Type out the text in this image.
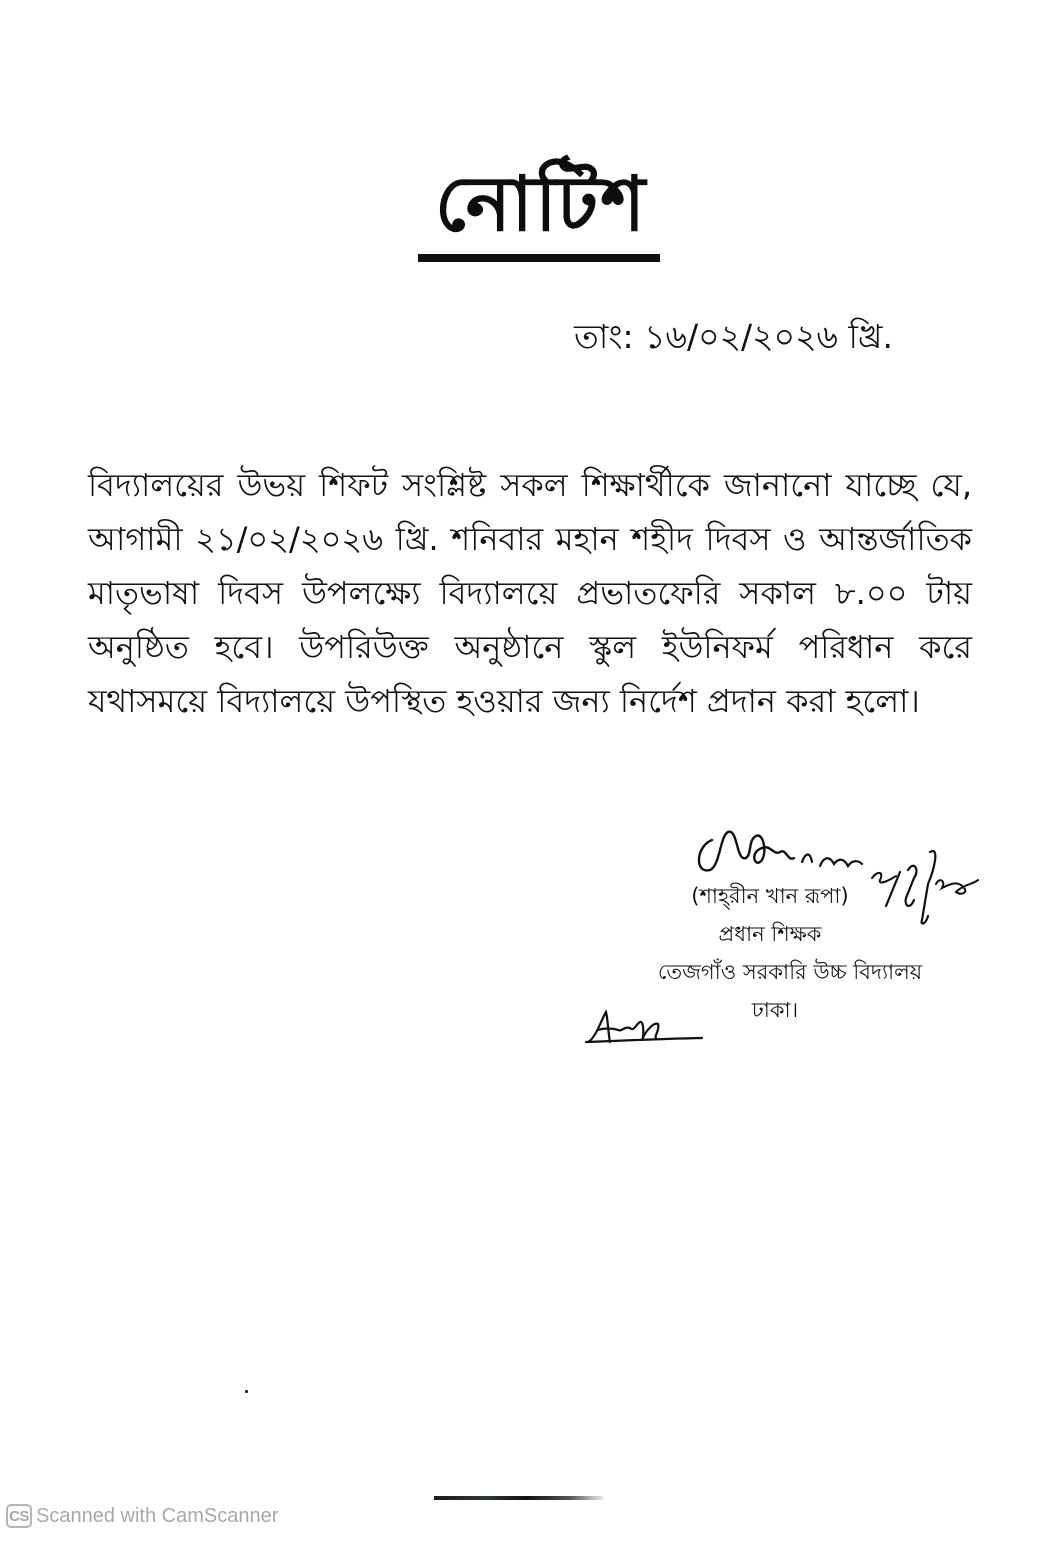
নোটিশ
তাং: ১৬/০২/২০২৬ খ্রি.
বিদ্যালয়ের উভয় শিফট সংশ্লিষ্ট সকল শিক্ষার্থীকে জানানো যাচ্ছে যে,
আগামী ২১/০২/২০২৬ খ্রি. শনিবার মহান শহীদ দিবস ও আন্তর্জাতিক
মাতৃভাষা দিবস উপলক্ষ্যে বিদ্যালয়ে প্রভাতফেরি সকাল ৮.০০ টায়
অনুষ্ঠিত হবে। উপরিউক্ত অনুষ্ঠানে স্কুল ইউনিফর্ম পরিধান করে
যথাসময়ে বিদ্যালয়ে উপস্থিত হওয়ার জন্য নির্দেশ প্রদান করা হলো।
(শাহ্‌রীন খান রূপা)
প্রধান শিক্ষক
তেজগাঁও সরকারি উচ্চ বিদ্যালয়
ঢাকা।
CS Scanned with CamScanner
